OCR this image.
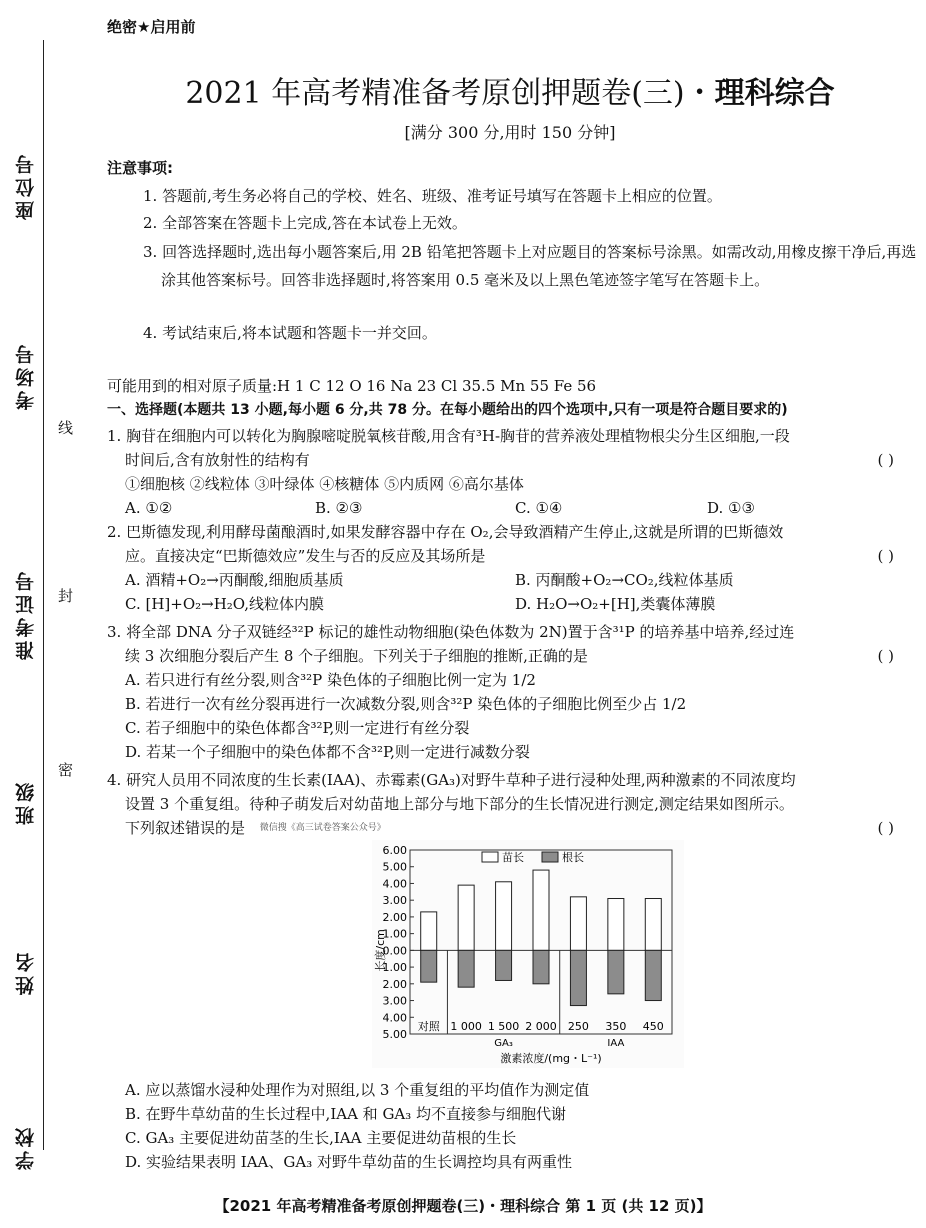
座位号
考场号
准考证号
班级
姓名
学校
线
封
密
绝密★启用前
2021 年高考精准备考原创押题卷(三)・理科综合
[满分 300 分,用时 150 分钟]
注意事项:
1. 答题前,考生务必将自己的学校、姓名、班级、准考证号填写在答题卡上相应的位置。
2. 全部答案在答题卡上完成,答在本试卷上无效。
3. 回答选择题时,选出每小题答案后,用 2B 铅笔把答题卡上对应题目的答案标号涂黑。如需改动,用橡皮擦干净后,再选涂其他答案标号。回答非选择题时,将答案用 0.5 毫米及以上黑色笔迹签字笔写在答题卡上。
4. 考试结束后,将本试题和答题卡一并交回。
可能用到的相对原子质量:H 1 C 12 O 16 Na 23 Cl 35.5 Mn 55 Fe 56
一、选择题(本题共 13 小题,每小题 6 分,共 78 分。在每小题给出的四个选项中,只有一项是符合题目要求的)
1. 胸苷在细胞内可以转化为胸腺嘧啶脱氧核苷酸,用含有³H-胸苷的营养液处理植物根尖分生区细胞,一段
时间后,含有放射性的结构有	( )
①细胞核 ②线粒体 ③叶绿体 ④核糖体 ⑤内质网 ⑥高尔基体
A. ①②	B. ②③	C. ①④	D. ①③
2. 巴斯德发现,利用酵母菌酿酒时,如果发酵容器中存在 O₂,会导致酒精产生停止,这就是所谓的巴斯德效
应。直接决定“巴斯德效应”发生与否的反应及其场所是	( )
A. 酒精+O₂→丙酮酸,细胞质基质	B. 丙酮酸+O₂→CO₂,线粒体基质
C. [H]+O₂→H₂O,线粒体内膜	D. H₂O→O₂+[H],类囊体薄膜
3. 将全部 DNA 分子双链经³²P 标记的雄性动物细胞(染色体数为 2N)置于含³¹P 的培养基中培养,经过连
续 3 次细胞分裂后产生 8 个子细胞。下列关于子细胞的推断,正确的是	( )
A. 若只进行有丝分裂,则含³²P 染色体的子细胞比例一定为 1/2
B. 若进行一次有丝分裂再进行一次减数分裂,则含³²P 染色体的子细胞比例至少占 1/2
C. 若子细胞中的染色体都含³²P,则一定进行有丝分裂
D. 若某一个子细胞中的染色体都不含³²P,则一定进行减数分裂
4. 研究人员用不同浓度的生长素(IAA)、赤霉素(GA₃)对野牛草种子进行浸种处理,两种激素的不同浓度均
设置 3 个重复组。待种子萌发后对幼苗地上部分与地下部分的生长情况进行测定,测定结果如图所示。
下列叙述错误的是 $^{微信搜《高三试卷答案公众号》}$	( )
6.00
5.00
4.00
3.00
2.00
1.00
0.00
1.00
2.00
3.00
4.00
5.00
长度/cm
对照 1 000 1 500 2 000 250 350 450
GA₃	IAA
激素浓度/(mg・L⁻¹)
苗长	根长
A. 应以蒸馏水浸种处理作为对照组,以 3 个重复组的平均值作为测定值
B. 在野牛草幼苗的生长过程中,IAA 和 GA₃ 均不直接参与细胞代谢
C. GA₃ 主要促进幼苗茎的生长,IAA 主要促进幼苗根的生长
D. 实验结果表明 IAA、GA₃ 对野牛草幼苗的生长调控均具有两重性
【2021 年高考精准备考原创押题卷(三)・理科综合 第 1 页 (共 12 页)】
